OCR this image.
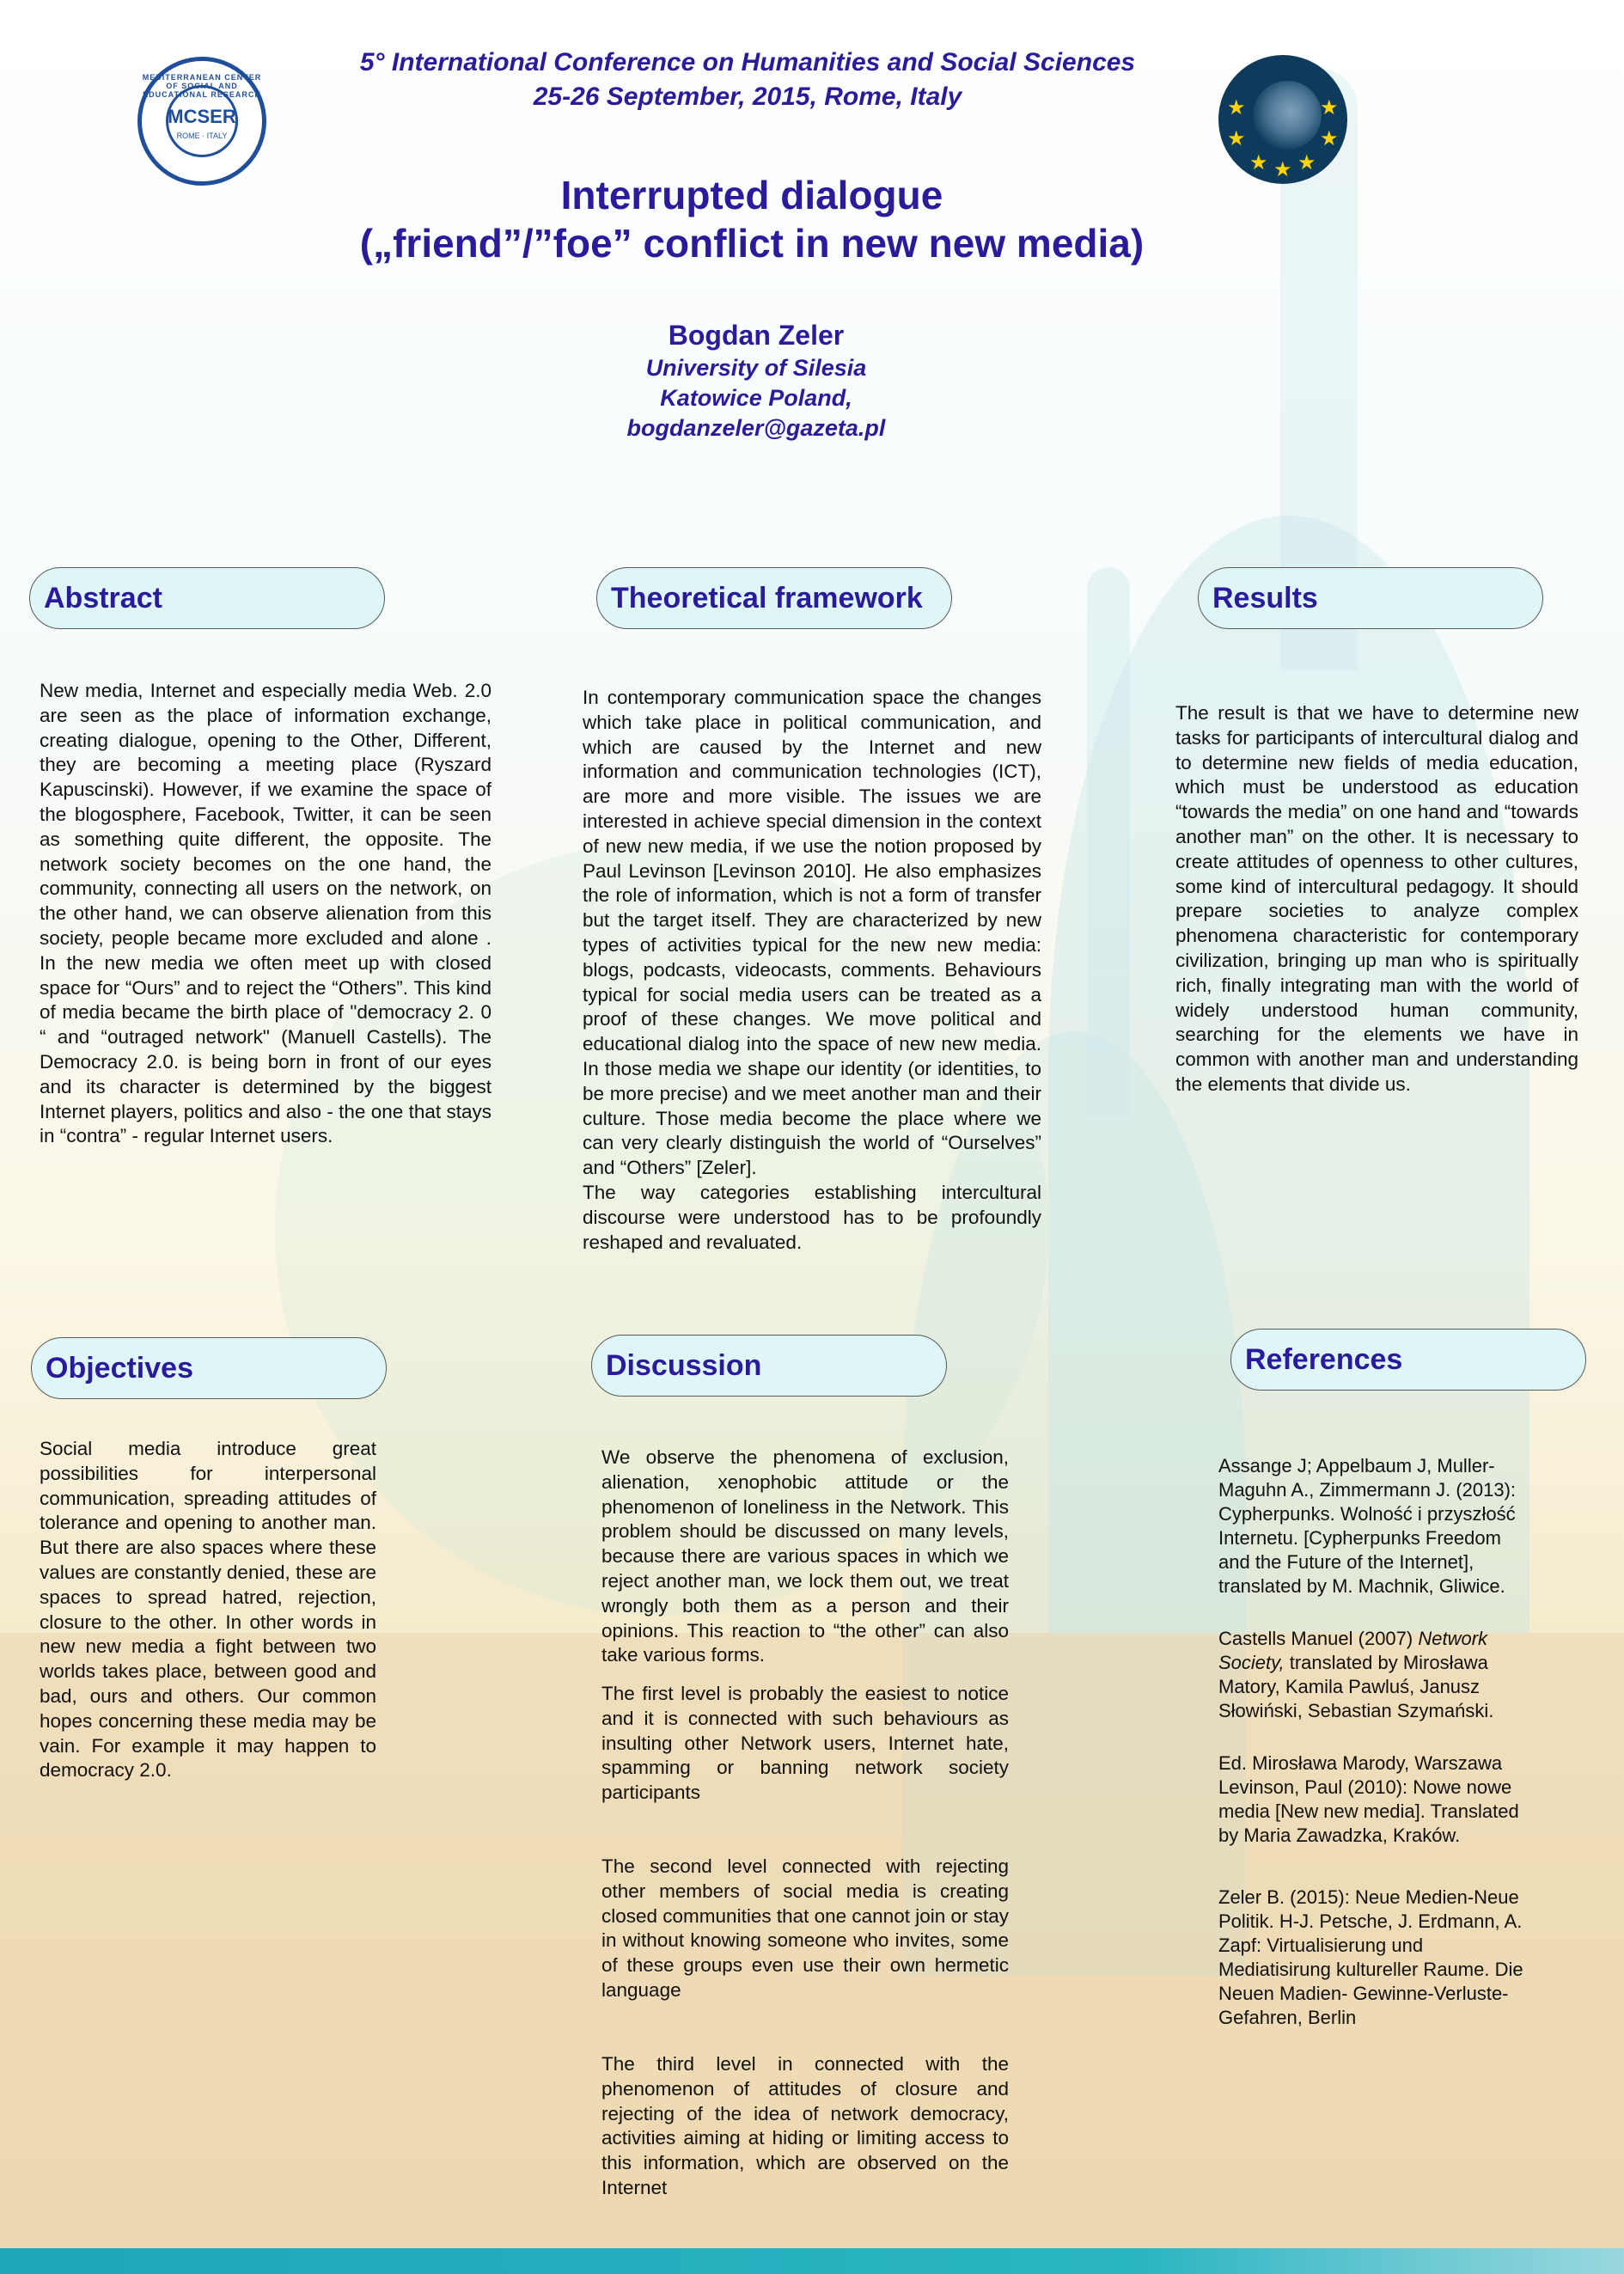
MEDITERRANEAN CENTER OF SOCIAL AND EDUCATIONAL RESEARCH
MCSER
ROME · ITALY
★	★
★	★
★ ★ ★
5° International Conference on Humanities and Social Sciences
25-26 September, 2015, Rome, Italy
Interrupted dialogue
(„friend”/”foe” conflict in new new media)
Bogdan Zeler
University of Silesia
Katowice Poland,
bogdanzeler@gazeta.pl
Abstract
New media, Internet and especially media Web. 2.0 are seen as the place of information exchange, creating dialogue, opening to the Other, Different, they are becoming a meeting place (Ryszard Kapuscinski). However, if we examine the space of the blogosphere, Facebook, Twitter, it can be seen as something quite different, the opposite. The network society becomes on the one hand, the community, connecting all users on the network, on the other hand, we can observe alienation from this society, people became more excluded and alone . In the new media we often meet up with closed space for “Ours” and to reject the “Others”. This kind of media became the birth place of "democracy 2. 0 “ and “outraged network" (Manuell Castells). The Democracy 2.0. is being born in front of our eyes and its character is determined by the biggest Internet players, politics and also - the one that stays in “contra” - regular Internet users.
Theoretical framework
In contemporary communication space the changes which take place in political communication, and which are caused by the Internet and new information and communication technologies (ICT), are more and more visible. The issues we are interested in achieve special dimension in the context of new new media, if we use the notion proposed by Paul Levinson [Levinson 2010]. He also emphasizes the role of information, which is not a form of transfer but the target itself. They are characterized by new types of activities typical for the new new media: blogs, podcasts, videocasts, comments. Behaviours typical for social media users can be treated as a proof of these changes. We move political and educational dialog into the space of new new media. In those media we shape our identity (or identities, to be more precise) and we meet another man and their culture. Those media become the place where we can very clearly distinguish the world of “Ourselves” and “Others” [Zeler].
The way categories establishing intercultural discourse were understood has to be profoundly reshaped and revaluated.
Results
The result is that we have to determine new tasks for participants of intercultural dialog and to determine new fields of media education, which must be understood as education “towards the media” on one hand and “towards another man” on the other. It is necessary to create attitudes of openness to other cultures, some kind of intercultural pedagogy. It should prepare societies to analyze complex phenomena characteristic for contemporary civilization, bringing up man who is spiritually rich, finally integrating man with the world of widely understood human community, searching for the elements we have in common with another man and understanding the elements that divide us.
Objectives
Social media introduce great possibilities for interpersonal communication, spreading attitudes of tolerance and opening to another man. But there are also spaces where these values are constantly denied, these are spaces to spread hatred, rejection, closure to the other. In other words in new new media a fight between two worlds takes place, between good and bad, ours and others. Our common hopes concerning these media may be vain. For example it may happen to democracy 2.0.
Discussion
We observe the phenomena of exclusion, alienation, xenophobic attitude or the phenomenon of loneliness in the Network. This problem should be discussed on many levels, because there are various spaces in which we reject another man, we lock them out, we treat wrongly both them as a person and their opinions. This reaction to “the other” can also take various forms.
The first level is probably the easiest to notice and it is connected with such behaviours as insulting other Network users, Internet hate, spamming or banning network society participants
The second level connected with rejecting other members of social media is creating closed communities that one cannot join or stay in without knowing someone who invites, some of these groups even use their own hermetic language
The third level in connected with the phenomenon of attitudes of closure and rejecting of the idea of network democracy, activities aiming at hiding or limiting access to this information, which are observed on the Internet
References

Assange J; Appelbaum J, Muller-Maguhn A., Zimmermann J. (2013): Cypherpunks. Wolność i przyszłość Internetu. [Cypherpunks Freedom and the Future of the Internet], translated by M. Machnik, Gliwice.

Castells Manuel (2007) Network Society, translated by Mirosława Matory, Kamila Pawluś, Janusz Słowiński, Sebastian Szymański.

Ed. Mirosława Marody, Warszawa Levinson, Paul (2010): Nowe nowe media [New new media]. Translated by Maria Zawadzka, Kraków.

Zeler B. (2015): Neue Medien-Neue Politik. H-J. Petsche, J. Erdmann, A. Zapf: Virtualisierung und Mediatisirung kultureller Raume. Die Neuen Madien- Gewinne-Verluste-Gefahren, Berlin
